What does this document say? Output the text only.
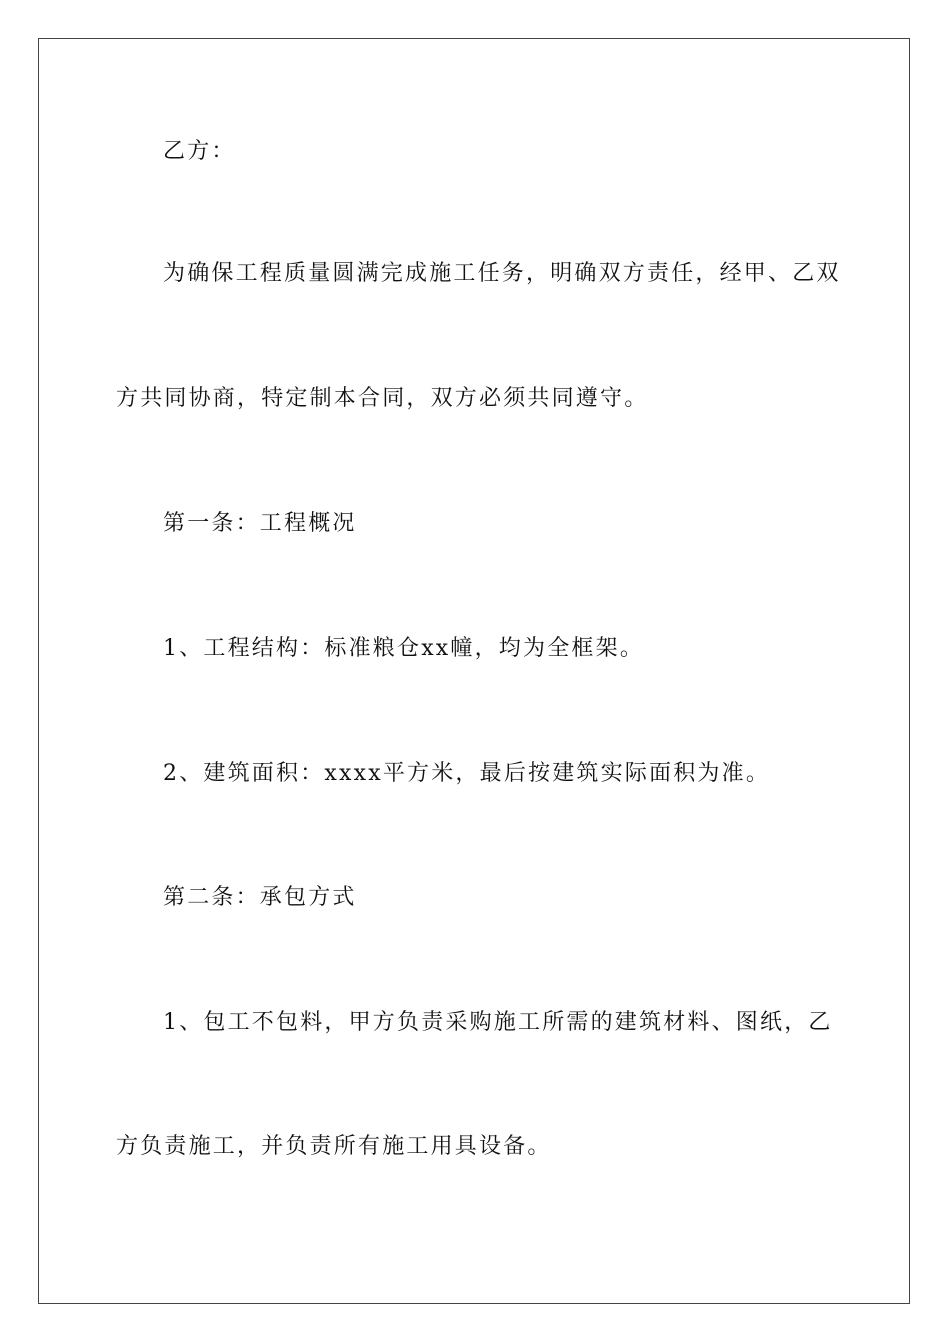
乙方：
为确保工程质量圆满完成施工任务，明确双方责任，经甲、乙双
方共同协商，特定制本合同，双方必须共同遵守。
第一条：工程概况
1、工程结构：标准粮仓xx幢，均为全框架。
2、建筑面积：xxxx平方米，最后按建筑实际面积为准。
第二条：承包方式
1、包工不包料，甲方负责采购施工所需的建筑材料、图纸，乙
方负责施工，并负责所有施工用具设备。
